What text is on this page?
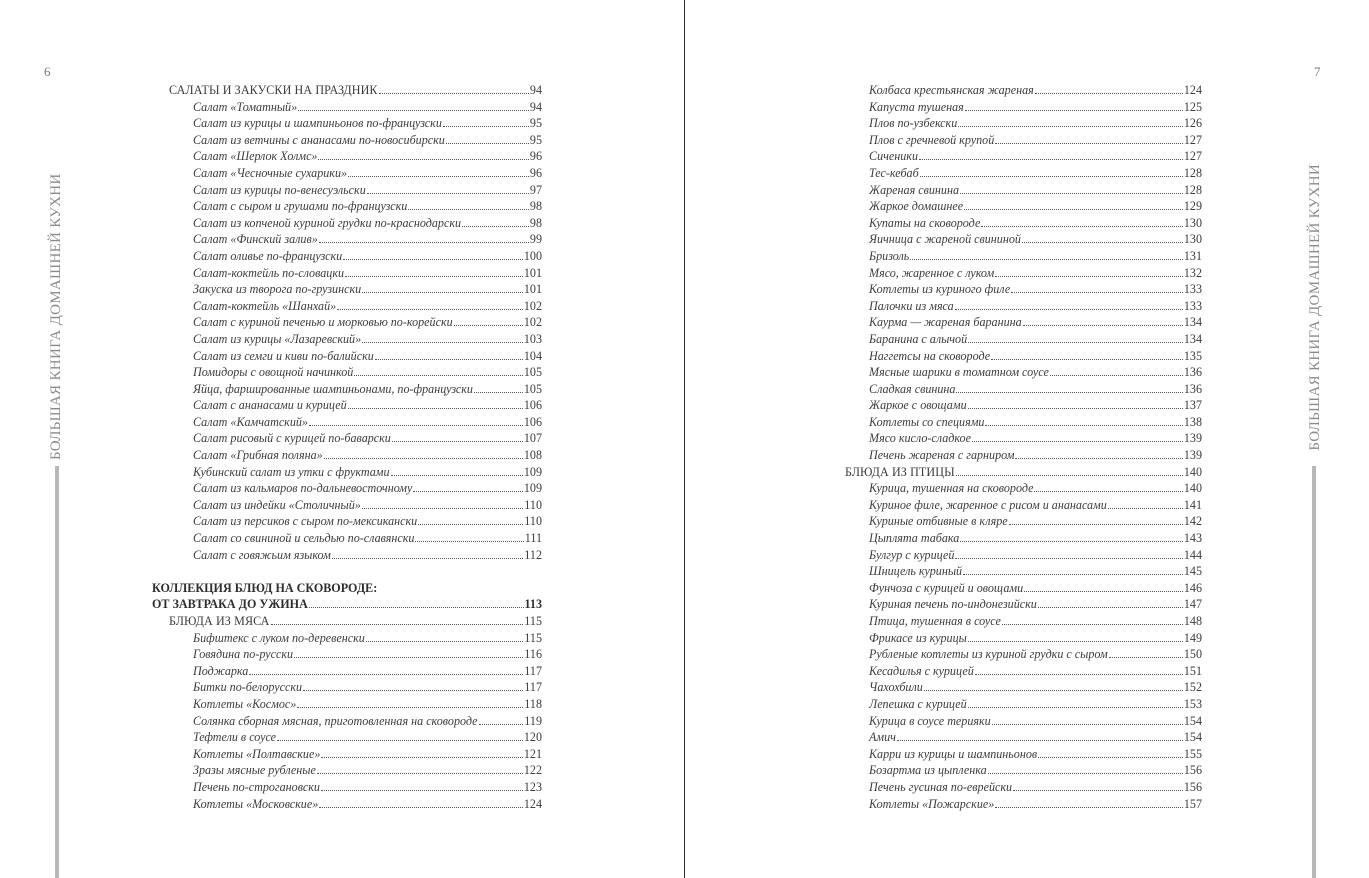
6
БОЛЬШАЯ КНИГА ДОМАШНЕЙ КУХНИ
САЛАТЫ И ЗАКУСКИ НА ПРАЗДНИК	94
Салат «Томатный»	94
Салат из курицы и шампиньонов по-французски	95
Салат из ветчины с ананасами по-новосибирски	95
Салат «Шерлок Холмс»	96
Салат «Чесночные сухарики»	96
Салат из курицы по-венесуэльски	97
Салат с сыром и грушами по-французски	98
Салат из копченой куриной грудки по-краснодарски	98
Салат «Финский залив»	99
Салат оливье по-французски	100
Салат-коктейль по-словацки	101
Закуска из творога по-грузински	101
Салат-коктейль «Шанхай»	102
Салат с куриной печенью и морковью по-корейски	102
Салат из курицы «Лазаревский»	103
Салат из семги и киви по-балийски	104
Помидоры с овощной начинкой	105
Яйца, фаршированные шампиньонами, по-французски	105
Салат с ананасами и курицей	106
Салат «Камчатский»	106
Салат рисовый с курицей по-баварски	107
Салат «Грибная поляна»	108
Кубинский салат из утки с фруктами	109
Салат из кальмаров по-дальневосточному	109
Салат из индейки «Столичный»	110
Салат из персиков с сыром по-мексикански	110
Салат со свининой и сельдью по-славянски	111
Салат с говяжьим языком	112
КОЛЛЕКЦИЯ БЛЮД НА СКОВОРОДЕ:
ОТ ЗАВТРАКА ДО УЖИНА	113
БЛЮДА ИЗ МЯСА	115
Бифштекс с луком по-деревенски	115
Говядина по-русски	116
Поджарка	117
Битки по-белорусски	117
Котлеты «Космос»	118
Солянка сборная мясная, приготовленная на сковороде	119
Тефтели в соусе	120
Котлеты «Полтавские»	121
Зразы мясные рубленые	122
Печень по-строгановски	123
Котлеты «Московские»	124
7
БОЛЬШАЯ КНИГА ДОМАШНЕЙ КУХНИ
Колбаса крестьянская жареная	124
Капуста тушеная	125
Плов по-узбекски	126
Плов с гречневой крупой	127
Сиченики	127
Тес-кебаб	128
Жареная свинина	128
Жаркое домашнее	129
Купаты на сковороде	130
Яичница с жареной свининой	130
Бризоль	131
Мясо, жаренное с луком	132
Котлеты из куриного филе	133
Палочки из мяса	133
Каурма — жареная баранина	134
Баранина с алычой	134
Наггетсы на сковороде	135
Мясные шарики в томатном соусе	136
Сладкая свинина	136
Жаркое с овощами	137
Котлеты со специями	138
Мясо кисло-сладкое	139
Печень жареная с гарниром	139
БЛЮДА ИЗ ПТИЦЫ	140
Курица, тушенная на сковороде	140
Куриное филе, жаренное с рисом и ананасами	141
Куриные отбивные в кляре	142
Цыплята табака	143
Булгур с курицей	144
Шницель куриный	145
Фунчоза с курицей и овощами	146
Куриная печень по-индонезийски	147
Птица, тушенная в соусе	148
Фрикасе из курицы	149
Рубленые котлеты из куриной грудки с сыром	150
Кесадилья с курицей	151
Чахохбили	152
Лепешка с курицей	153
Курица в соусе терияки	154
Амич	154
Карри из курицы и шампиньонов	155
Бозартма из цыпленка	156
Печень гусиная по-еврейски	156
Котлеты «Пожарские»	157
